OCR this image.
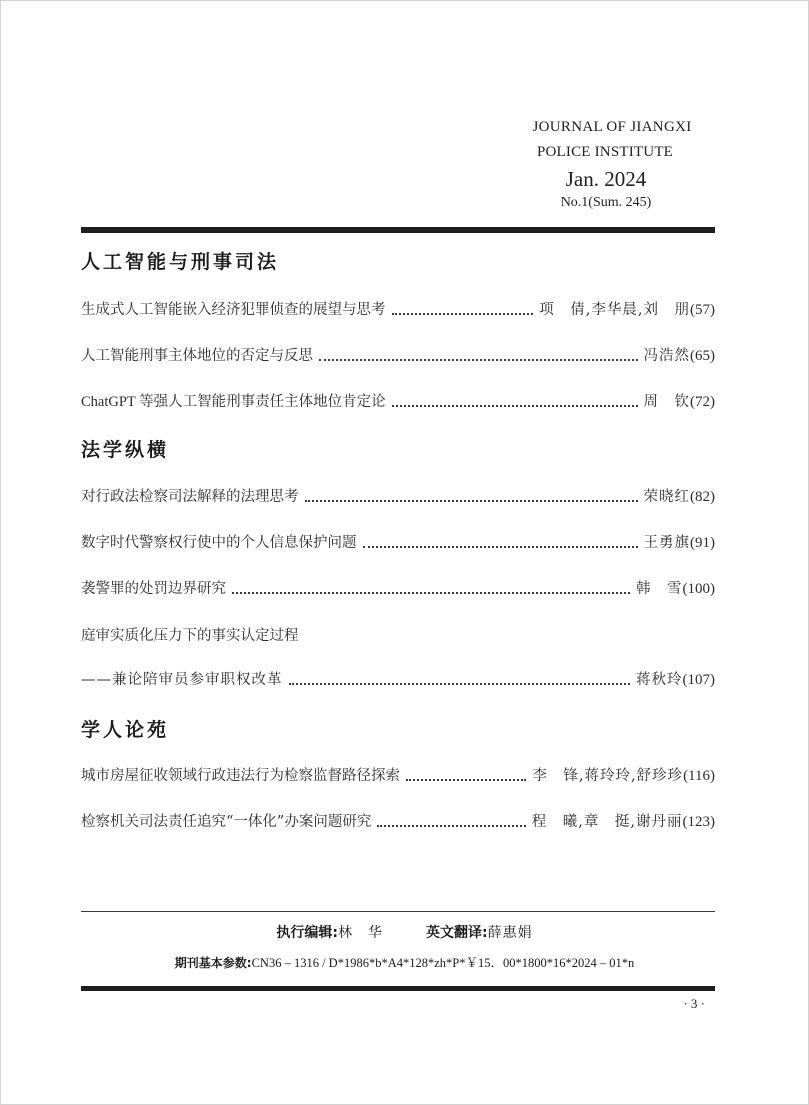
JOURNAL OF JIANGXI
POLICE INSTITUTE
Jan. 2024
No.1(Sum. 245)
人工智能与刑事司法
生成式人工智能嵌入经济犯罪侦查的展望与思考	项　倩,李华晨,刘　朋 (57)
人工智能刑事主体地位的否定与反思	冯浩然 (65)
ChatGPT 等强人工智能刑事责任主体地位肯定论	周　钦 (72)
法学纵横
对行政法检察司法解释的法理思考	荣晓红 (82)
数字时代警察权行使中的个人信息保护问题	王勇旗 (91)
袭警罪的处罚边界研究	韩　雪 (100)
庭审实质化压力下的事实认定过程
——兼论陪审员参审职权改革	蒋秋玲 (107)
学人论苑
城市房屋征收领域行政违法行为检察监督路径探索	李　锋,蒋玲玲,舒珍珍 (116)
检察机关司法责任追究“一体化”办案问题研究	程　曦,章　挺,谢丹丽 (123)
执行编辑:林　华	英文翻译:薛惠娟
期刊基本参数:CN36 – 1316 / D*1986*b*A4*128*zh*P*￥15．00*1800*16*2024 – 01*n
· 3 ·
